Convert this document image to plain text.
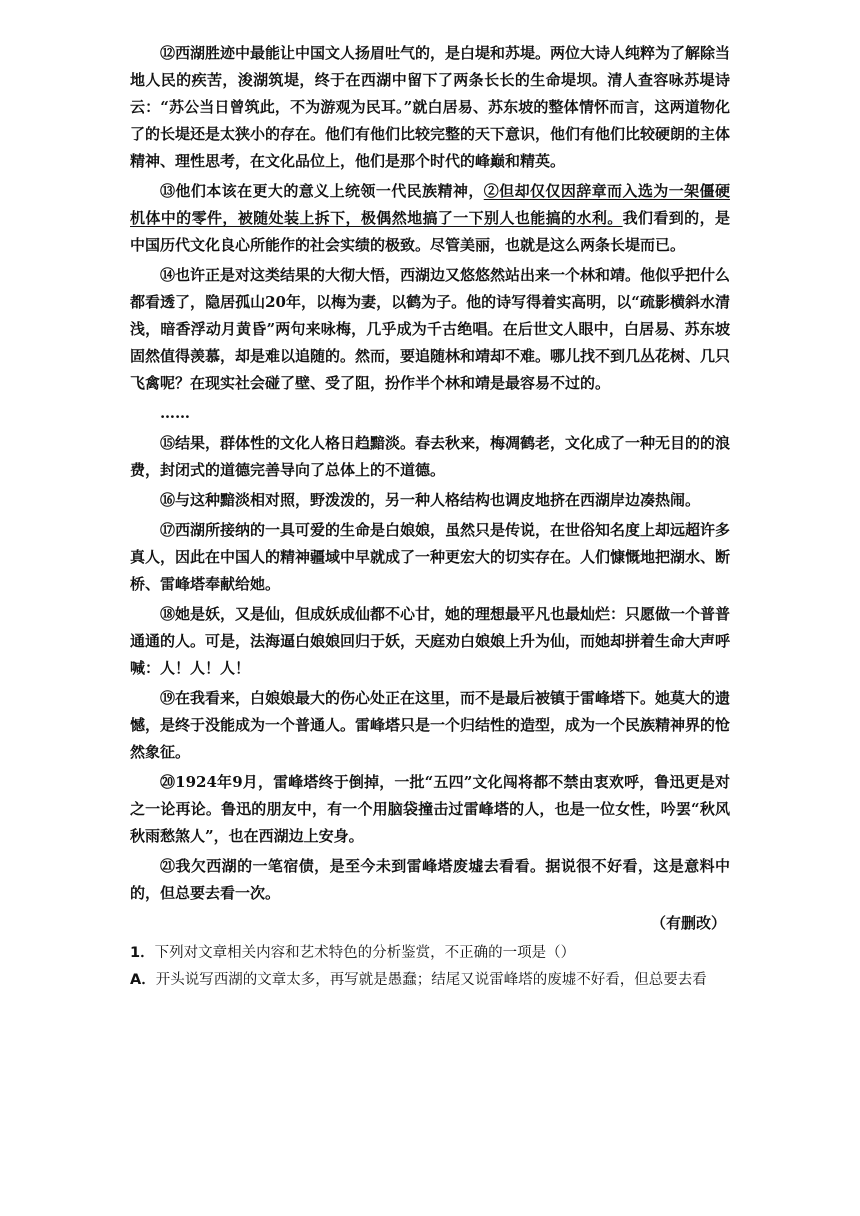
⑫西湖胜迹中最能让中国文人扬眉吐气的，是白堤和苏堤。两位大诗人纯粹为了解除当地人民的疾苦，浚湖筑堤，终于在西湖中留下了两条长长的生命堤坝。清人查容咏苏堤诗云：“苏公当日曾筑此，不为游观为民耳。”就白居易、苏东坡的整体情怀而言，这两道物化了的长堤还是太狭小的存在。他们有他们比较完整的天下意识，他们有他们比较硬朗的主体精神、理性思考，在文化品位上，他们是那个时代的峰巅和精英。

⑬他们本该在更大的意义上统领一代民族精神，②但却仅仅因辞章而入选为一架僵硬机体中的零件，被随处装上拆下，极偶然地搞了一下别人也能搞的水利。我们看到的，是中国历代文化良心所能作的社会实绩的极致。尽管美丽，也就是这么两条长堤而已。

⑭也许正是对这类结果的大彻大悟，西湖边又悠悠然站出来一个林和靖。他似乎把什么都看透了，隐居孤山20年，以梅为妻，以鹤为子。他的诗写得着实高明，以“疏影横斜水清浅，暗香浮动月黄昏”两句来咏梅，几乎成为千古绝唱。在后世文人眼中，白居易、苏东坡固然值得羡慕，却是难以追随的。然而，要追随林和靖却不难。哪儿找不到几丛花树、几只飞禽呢？在现实社会碰了壁、受了阻，扮作半个林和靖是最容易不过的。

……

⑮结果，群体性的文化人格日趋黯淡。春去秋来，梅凋鹤老，文化成了一种无目的的浪费，封闭式的道德完善导向了总体上的不道德。

⑯与这种黯淡相对照，野泼泼的，另一种人格结构也调皮地挤在西湖岸边凑热闹。

⑰西湖所接纳的一具可爱的生命是白娘娘，虽然只是传说，在世俗知名度上却远超许多真人，因此在中国人的精神疆域中早就成了一种更宏大的切实存在。人们慷慨地把湖水、断桥、雷峰塔奉献给她。

⑱她是妖，又是仙，但成妖成仙都不心甘，她的理想最平凡也最灿烂：只愿做一个普普通通的人。可是，法海逼白娘娘回归于妖，天庭劝白娘娘上升为仙，而她却拼着生命大声呼喊：人！人！人！

⑲在我看来，白娘娘最大的伤心处正在这里，而不是最后被镇于雷峰塔下。她莫大的遗憾，是终于没能成为一个普通人。雷峰塔只是一个归结性的造型，成为一个民族精神界的怆然象征。

⑳1924年9月，雷峰塔终于倒掉，一批“五四”文化闯将都不禁由衷欢呼，鲁迅更是对之一论再论。鲁迅的朋友中，有一个用脑袋撞击过雷峰塔的人，也是一位女性，吟罢“秋风秋雨愁煞人”，也在西湖边上安身。

㉑我欠西湖的一笔宿债，是至今未到雷峰塔废墟去看看。据说很不好看，这是意料中的，但总要去看一次。

（有删改）

1．下列对文章相关内容和艺术特色的分析鉴赏，不正确的一项是（）

A．开头说写西湖的文章太多，再写就是愚蠢；结尾又说雷峰塔的废墟不好看，但总要去看
